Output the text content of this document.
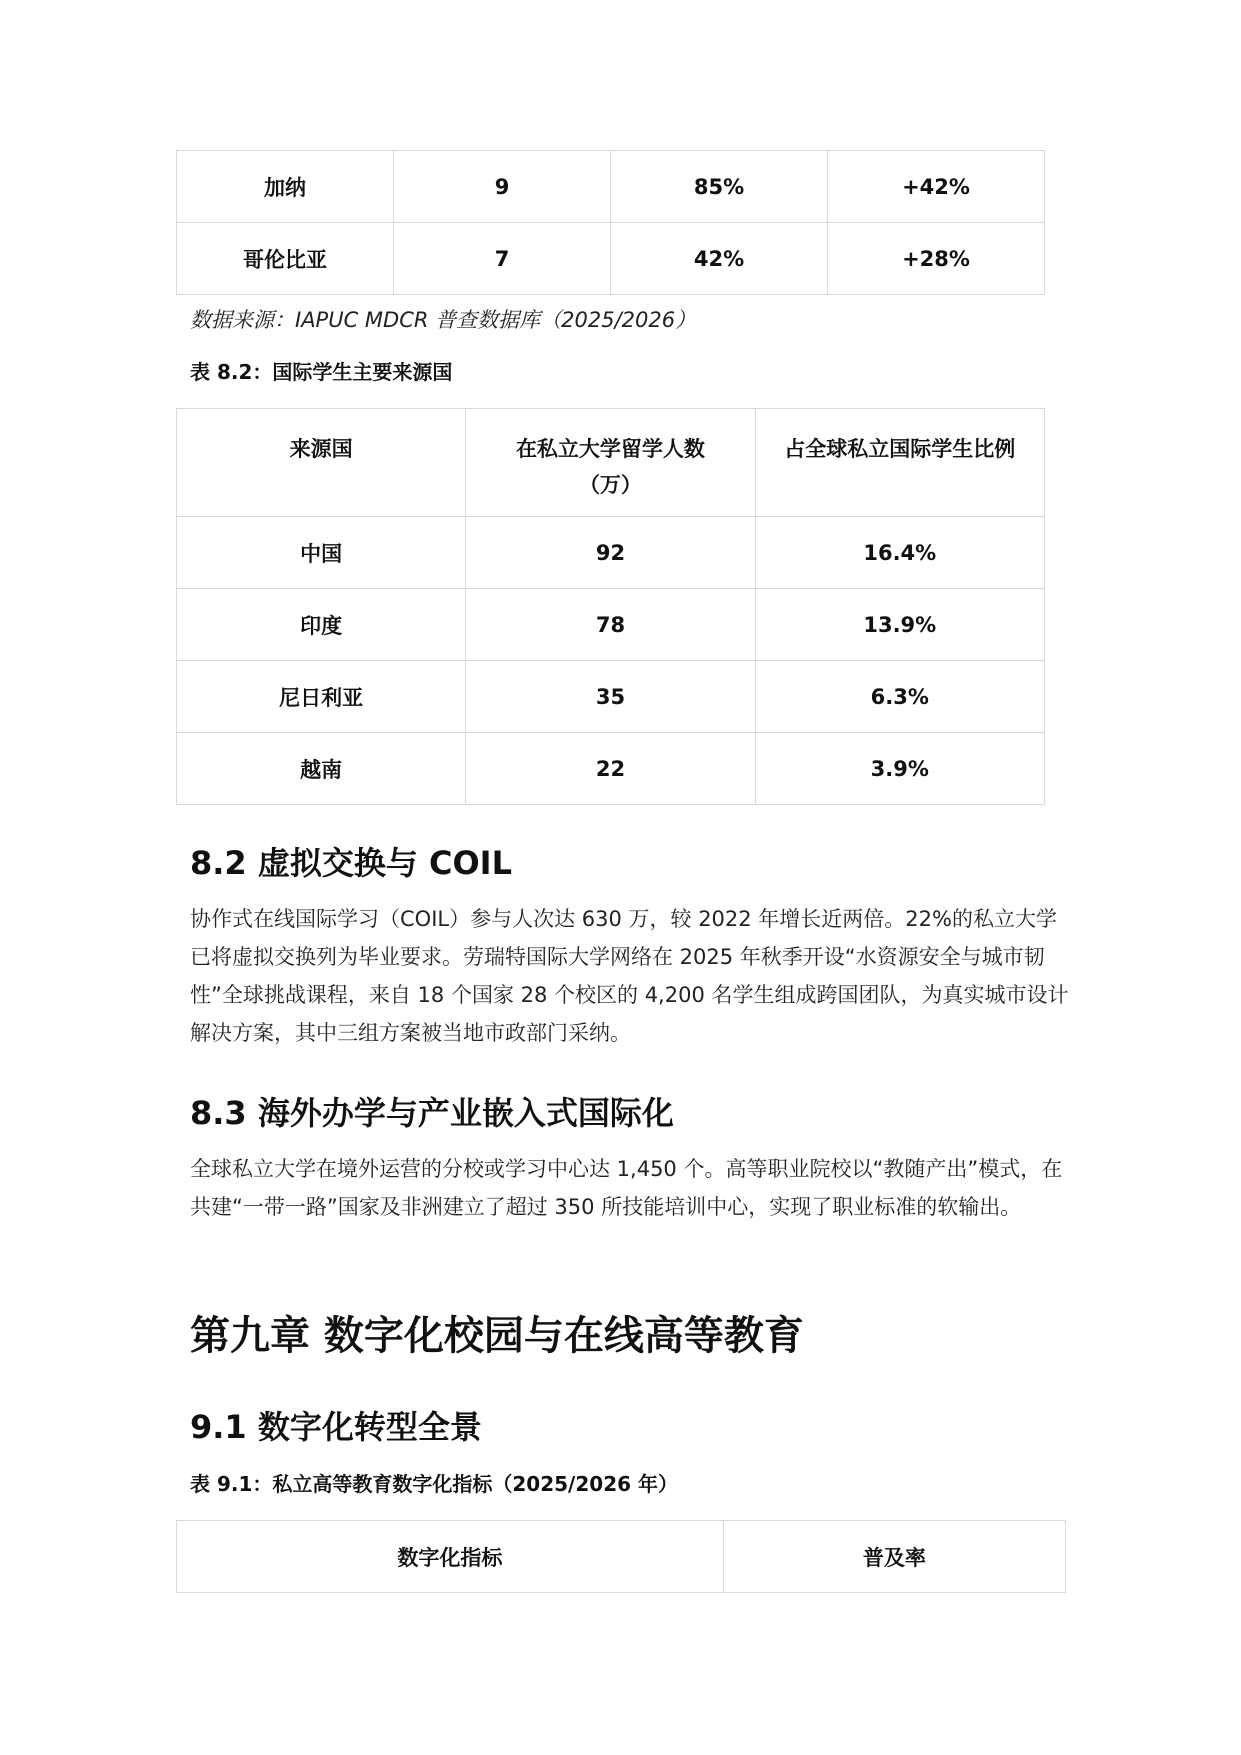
加纳	9	85%	+42%
哥伦比亚	7	42%	+28%

数据来源：IAPUC MDCR 普查数据库（2025/2026）

表 8.2：国际学生主要来源国

来源国	在私立大学留学人数（万）	占全球私立国际学生比例
中国	92	16.4%
印度	78	13.9%
尼日利亚	35	6.3%
越南	22	3.9%
8.2 虚拟交换与 COIL

协作式在线国际学习（COIL）参与人次达 630 万，较 2022 年增长近两倍。22%的私立大学已将虚拟交换列为毕业要求。劳瑞特国际大学网络在 2025 年秋季开设“水资源安全与城市韧性”全球挑战课程，来自 18 个国家 28 个校区的 4,200 名学生组成跨国团队，为真实城市设计解决方案，其中三组方案被当地市政部门采纳。

8.3 海外办学与产业嵌入式国际化

全球私立大学在境外运营的分校或学习中心达 1,450 个。高等职业院校以“教随产出”模式，在共建“一带一路”国家及非洲建立了超过 350 所技能培训中心，实现了职业标准的软输出。

第九章 数字化校园与在线高等教育
9.1 数字化转型全景

表 9.1：私立高等教育数字化指标（2025/2026 年）

数字化指标	普及率
